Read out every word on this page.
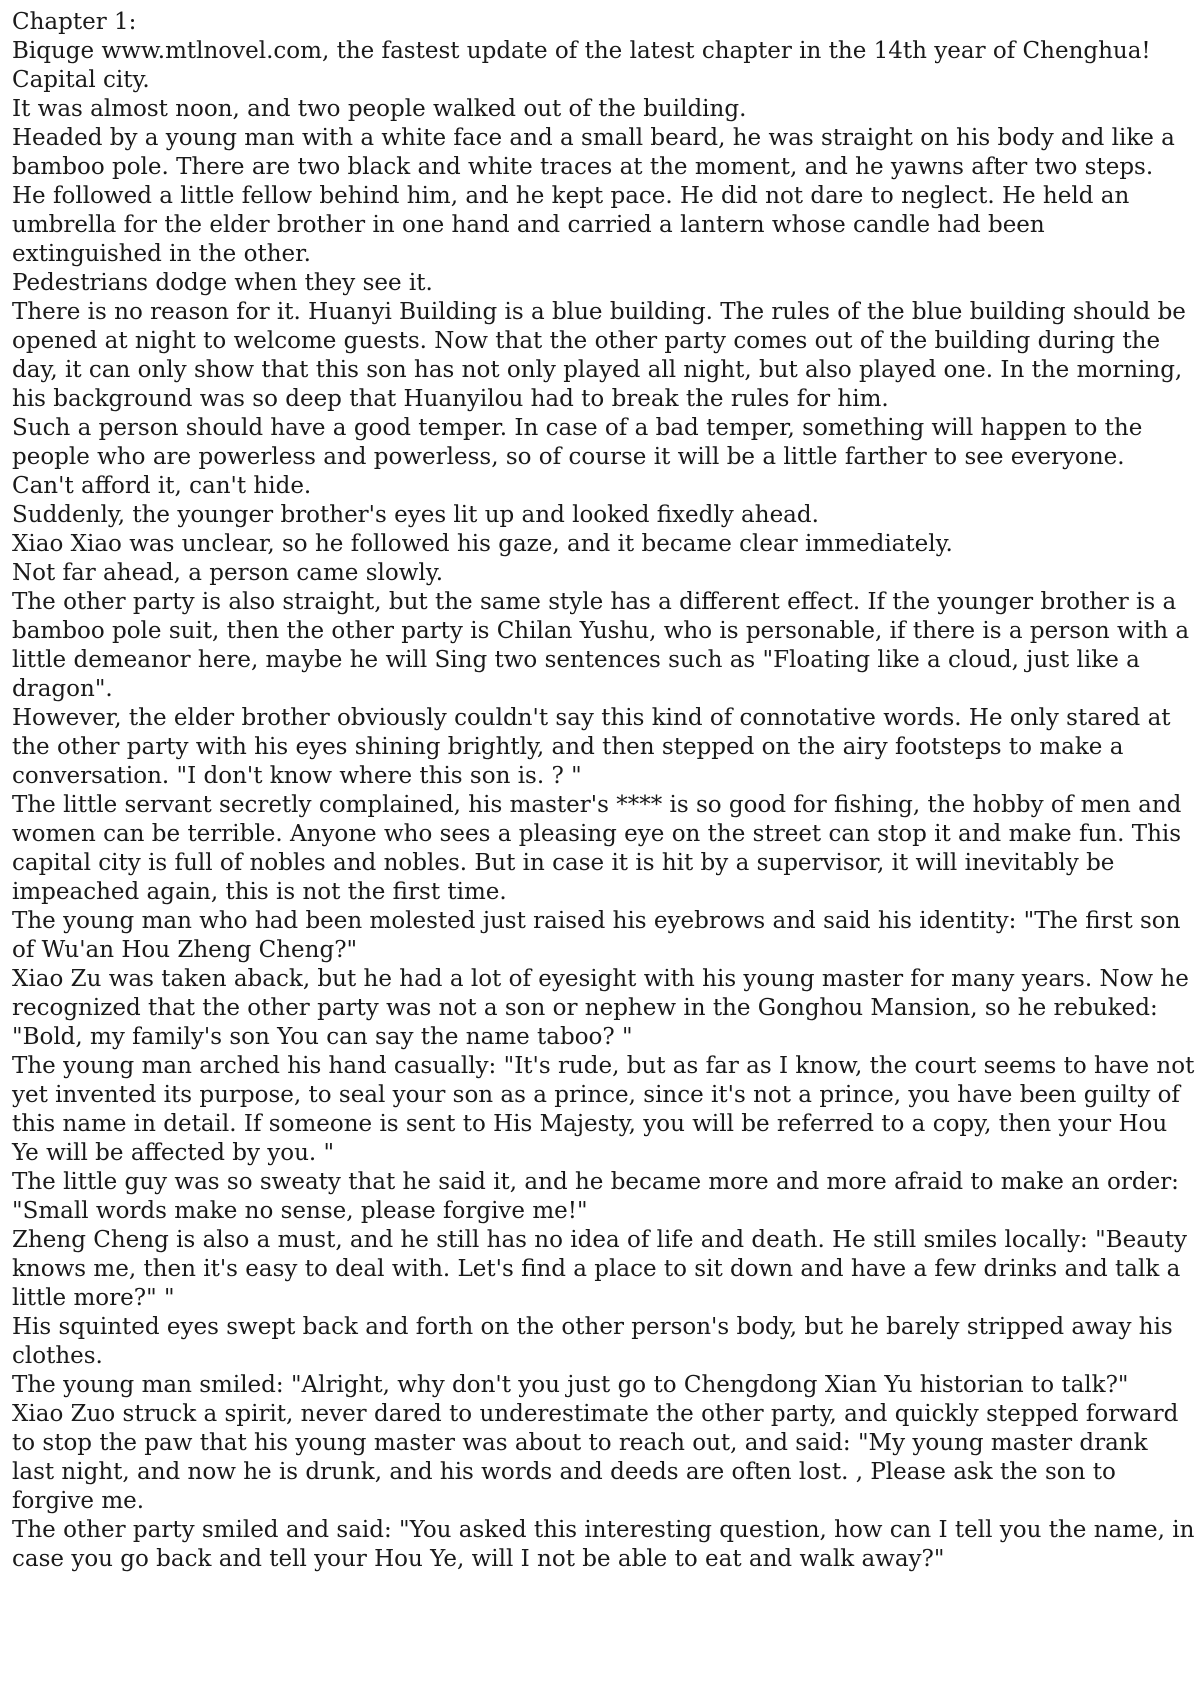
Chapter 1:

Biquge www.mtlnovel.com, the fastest update of the latest chapter in the 14th year of Chenghua!

Capital city.

It was almost noon, and two people walked out of the building.

Headed by a young man with a white face and a small beard, he was straight on his body and like a bamboo pole. There are two black and white traces at the moment, and he yawns after two steps.

He followed a little fellow behind him, and he kept pace. He did not dare to neglect. He held an umbrella for the elder brother in one hand and carried a lantern whose candle had been extinguished in the other.

Pedestrians dodge when they see it.

There is no reason for it. Huanyi Building is a blue building. The rules of the blue building should be opened at night to welcome guests. Now that the other party comes out of the building during the day, it can only show that this son has not only played all night, but also played one. In the morning, his background was so deep that Huanyilou had to break the rules for him.

Such a person should have a good temper. In case of a bad temper, something will happen to the people who are powerless and powerless, so of course it will be a little farther to see everyone.

Can't afford it, can't hide.

Suddenly, the younger brother's eyes lit up and looked fixedly ahead.

Xiao Xiao was unclear, so he followed his gaze, and it became clear immediately.

Not far ahead, a person came slowly.

The other party is also straight, but the same style has a different effect. If the younger brother is a bamboo pole suit, then the other party is Chilan Yushu, who is personable, if there is a person with a little demeanor here, maybe he will Sing two sentences such as "Floating like a cloud, just like a dragon".

However, the elder brother obviously couldn't say this kind of connotative words. He only stared at the other party with his eyes shining brightly, and then stepped on the airy footsteps to make a conversation. "I don't know where this son is. ? "

The little servant secretly complained, his master's **** is so good for fishing, the hobby of men and women can be terrible. Anyone who sees a pleasing eye on the street can stop it and make fun. This capital city is full of nobles and nobles. But in case it is hit by a supervisor, it will inevitably be impeached again, this is not the first time.

The young man who had been molested just raised his eyebrows and said his identity: "The first son of Wu'an Hou Zheng Cheng?"

Xiao Zu was taken aback, but he had a lot of eyesight with his young master for many years. Now he recognized that the other party was not a son or nephew in the Gonghou Mansion, so he rebuked: "Bold, my family's son You can say the name taboo? "

The young man arched his hand casually: "It's rude, but as far as I know, the court seems to have not yet invented its purpose, to seal your son as a prince, since it's not a prince, you have been guilty of this name in detail. If someone is sent to His Majesty, you will be referred to a copy, then your Hou Ye will be affected by you. "

The little guy was so sweaty that he said it, and he became more and more afraid to make an order: "Small words make no sense, please forgive me!"

Zheng Cheng is also a must, and he still has no idea of life and death. He still smiles locally: "Beauty knows me, then it's easy to deal with. Let's find a place to sit down and have a few drinks and talk a little more?" "

His squinted eyes swept back and forth on the other person's body, but he barely stripped away his clothes.

The young man smiled: "Alright, why don't you just go to Chengdong Xian Yu historian to talk?"

Xiao Zuo struck a spirit, never dared to underestimate the other party, and quickly stepped forward to stop the paw that his young master was about to reach out, and said: "My young master drank last night, and now he is drunk, and his words and deeds are often lost. , Please ask the son to forgive me.

The other party smiled and said: "You asked this interesting question, how can I tell you the name, in case you go back and tell your Hou Ye, will I not be able to eat and walk away?"
